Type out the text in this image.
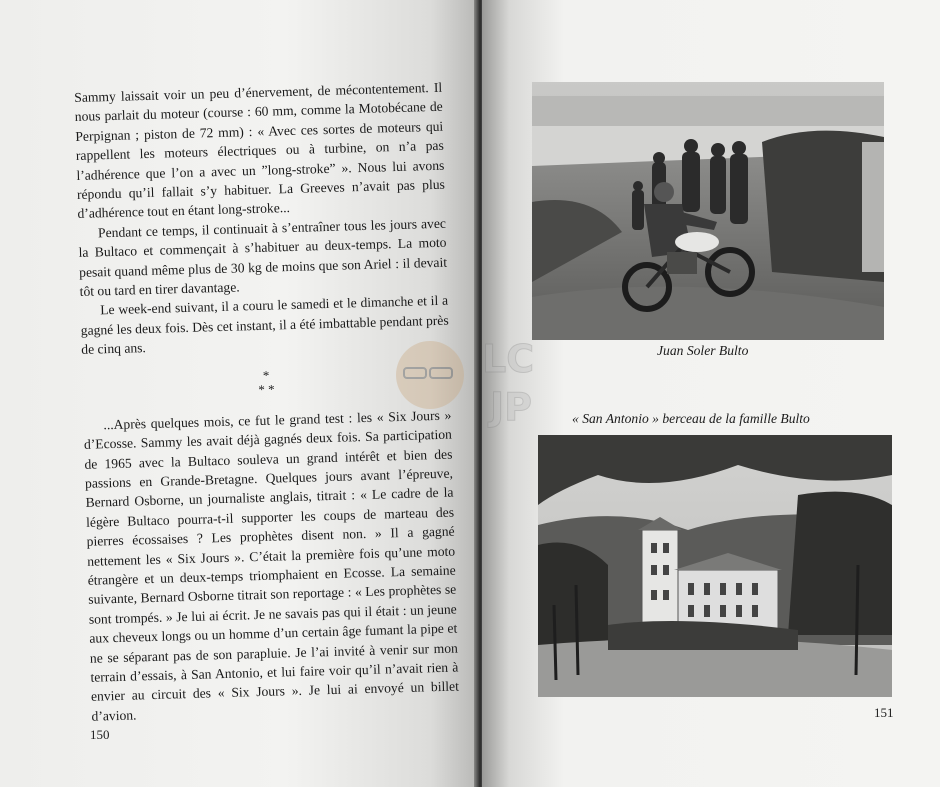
Sammy laissait voir un peu d’énervement, de mécontentement. Il nous parlait du moteur (course : 60 mm, comme la Motobécane de Perpignan ; piston de 72 mm) : « Avec ces sortes de moteurs qui rappellent les moteurs électriques ou à turbine, on n’a pas l’adhérence que l’on a avec un ”long-stroke” ». Nous lui avons répondu qu’il fallait s’y habituer. La Greeves n’avait pas plus d’adhérence tout en étant long-stroke...

Pendant ce temps, il continuait à s’entraîner tous les jours avec la Bultaco et commençait à s’habituer au deux-temps. La moto pesait quand même plus de 30 kg de moins que son Ariel : il devait tôt ou tard en tirer davantage.

Le week-end suivant, il a couru le samedi et le dimanche et il a gagné les deux fois. Dès cet instant, il a été imbattable pendant près de cinq ans.

*
* *

...Après quelques mois, ce fut le grand test : les « Six Jours » d’Ecosse. Sammy les avait déjà gagnés deux fois. Sa participation de 1965 avec la Bultaco souleva un grand intérêt et bien des passions en Grande-Bretagne. Quelques jours avant l’épreuve, Bernard Osborne, un journaliste anglais, titrait : « Le cadre de la légère Bultaco pourra-t-il supporter les coups de marteau des pierres écossaises ? Les prophètes disent non. » Il a gagné nettement les « Six Jours ». C’était la première fois qu’une moto étrangère et un deux-temps triomphaient en Ecosse. La semaine suivante, Bernard Osborne titrait son reportage : « Les prophètes se sont trompés. » Je lui ai écrit. Je ne savais pas qui il était : un jeune aux cheveux longs ou un homme d’un certain âge fumant la pipe et ne se séparant pas de son parapluie. Je l’ai invité à venir sur mon terrain d’essais, à San Antonio, et lui faire voir qu’il n’avait rien à envier au circuit des « Six Jours ». Je lui ai envoyé un billet d’avion.

150
Juan Soler Bulto
« San Antonio » berceau de la famille Bulto
151
LC
JP
